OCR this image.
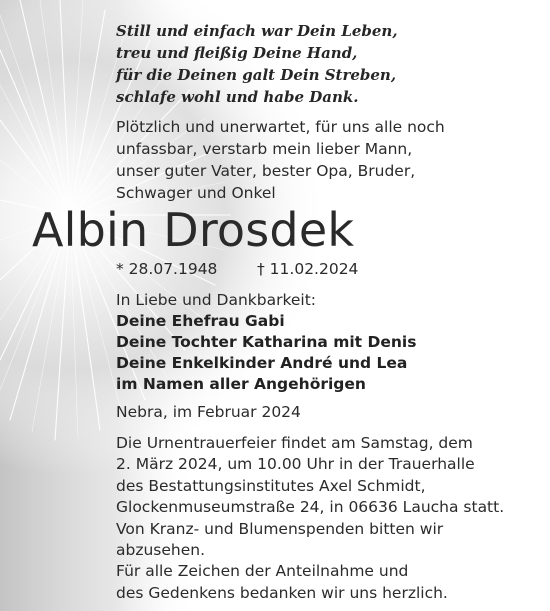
Still und einfach war Dein Leben,
treu und fleißig Deine Hand,
für die Deinen galt Dein Streben,
schlafe wohl und habe Dank.
Plötzlich und unerwartet, für uns alle noch
unfassbar, verstarb mein lieber Mann,
unser guter Vater, bester Opa, Bruder,
Schwager und Onkel
Albin Drosdek
* 28.07.1948	† 11.02.2024
In Liebe und Dankbarkeit:
Deine Ehefrau Gabi
Deine Tochter Katharina mit Denis
Deine Enkelkinder André und Lea
im Namen aller Angehörigen
Nebra, im Februar 2024
Die Urnentrauerfeier findet am Samstag, dem
2. März 2024, um 10.00 Uhr in der Trauerhalle
des Bestattungsinstitutes Axel Schmidt,
Glockenmuseumstraße 24, in 06636 Laucha statt.
Von Kranz- und Blumenspenden bitten wir
abzusehen.
Für alle Zeichen der Anteilnahme und
des Gedenkens bedanken wir uns herzlich.
